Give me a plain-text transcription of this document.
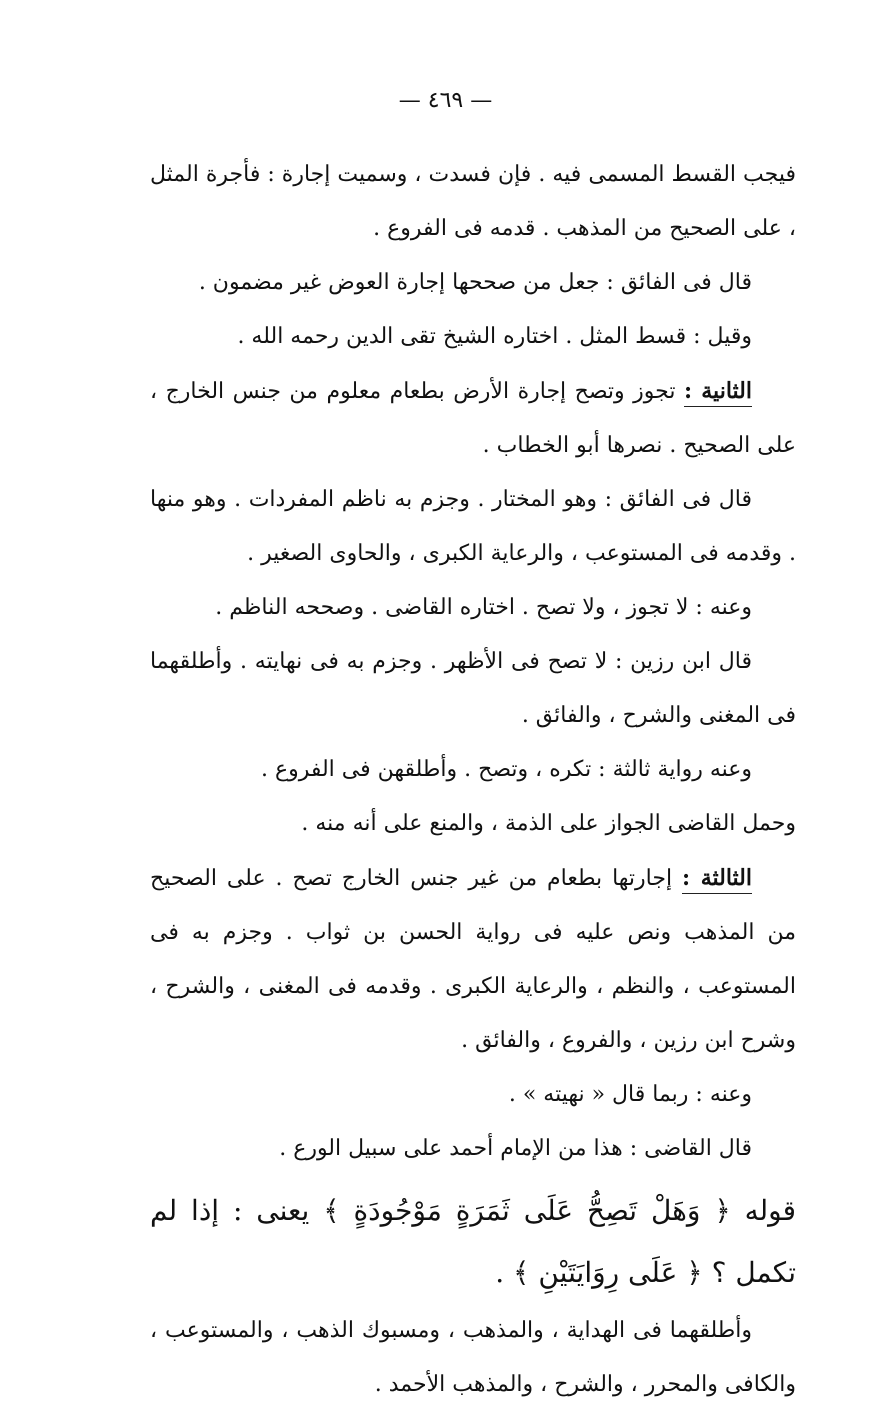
— ٤٦٩ —

فيجب القسط المسمى فيه . فإن فسدت ، وسميت إجارة : فأجرة المثل ، على الصحيح من المذهب . قدمه فى الفروع .

قال فى الفائق : جعل من صححها إجارة العوض غير مضمون .

وقيل : قسط المثل . اختاره الشيخ تقى الدين رحمه الله .

الثانية : تجوز وتصح إجارة الأرض بطعام معلوم من جنس الخارج ، على الصحيح . نصرها أبو الخطاب .

قال فى الفائق : وهو المختار . وجزم به ناظم المفردات . وهو منها . وقدمه فى المستوعب ، والرعاية الكبرى ، والحاوى الصغير .

وعنه : لا تجوز ، ولا تصح . اختاره القاضى . وصححه الناظم .

قال ابن رزين : لا تصح فى الأظهر . وجزم به فى نهايته . وأطلقهما فى المغنى والشرح ، والفائق .

وعنه رواية ثالثة : تكره ، وتصح . وأطلقهن فى الفروع .

وحمل القاضى الجواز على الذمة ، والمنع على أنه منه .

الثالثة : إجارتها بطعام من غير جنس الخارج تصح . على الصحيح من المذهب ونص عليه فى رواية الحسن بن ثواب . وجزم به فى المستوعب ، والنظم ، والرعاية الكبرى . وقدمه فى المغنى ، والشرح ، وشرح ابن رزين ، والفروع ، والفائق .

وعنه : ربما قال « نهيته » .

قال القاضى : هذا من الإمام أحمد على سبيل الورع .

قوله ﴿ وَهَلْ تَصِحُّ عَلَى ثَمَرَةٍ مَوْجُودَةٍ ﴾ يعنى : إذا لم تكمل ؟ ﴿ عَلَى رِوَايَتَيْنِ ﴾ .

وأطلقهما فى الهداية ، والمذهب ، ومسبوك الذهب ، والمستوعب ، والكافى والمحرر ، والشرح ، والمذهب الأحمد .
